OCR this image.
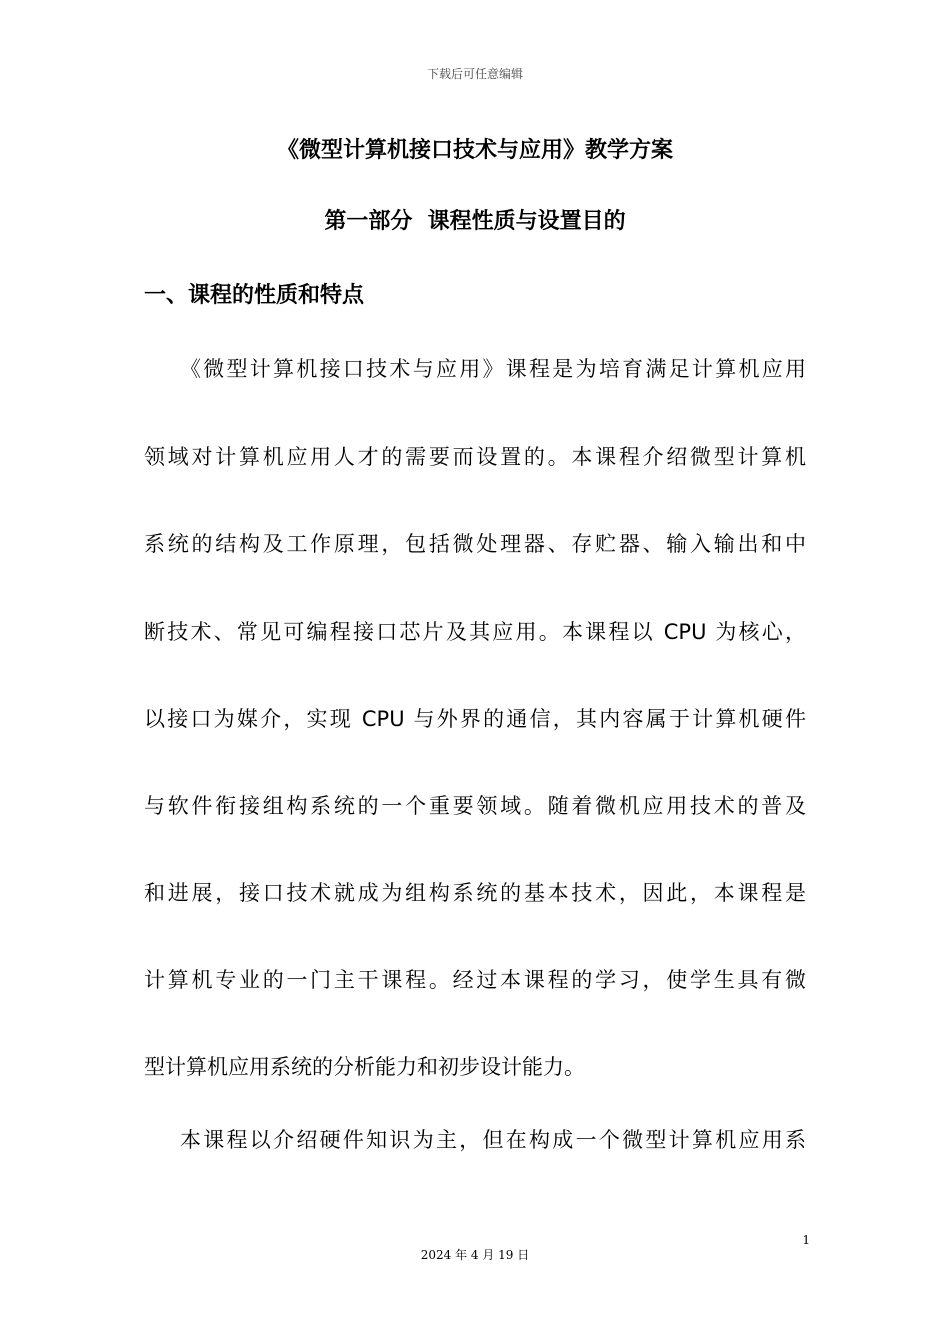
下载后可任意编辑
《微型计算机接口技术与应用》教学方案
第一部分  课程性质与设置目的
一、课程的性质和特点
《微型计算机接口技术与应用》课程是为培育满足计算机应用
领域对计算机应用人才的需要而设置的。本课程介绍微型计算机
系统的结构及工作原理，包括微处理器、存贮器、输入输出和中
断技术、常见可编程接口芯片及其应用。本课程以 CPU 为核心，
以接口为媒介，实现 CPU 与外界的通信，其内容属于计算机硬件
与软件衔接组构系统的一个重要领域。随着微机应用技术的普及
和进展，接口技术就成为组构系统的基本技术，因此，本课程是
计算机专业的一门主干课程。经过本课程的学习，使学生具有微
型计算机应用系统的分析能力和初步设计能力。
本课程以介绍硬件知识为主，但在构成一个微型计算机应用系
1
2024 年 4 月 19 日
